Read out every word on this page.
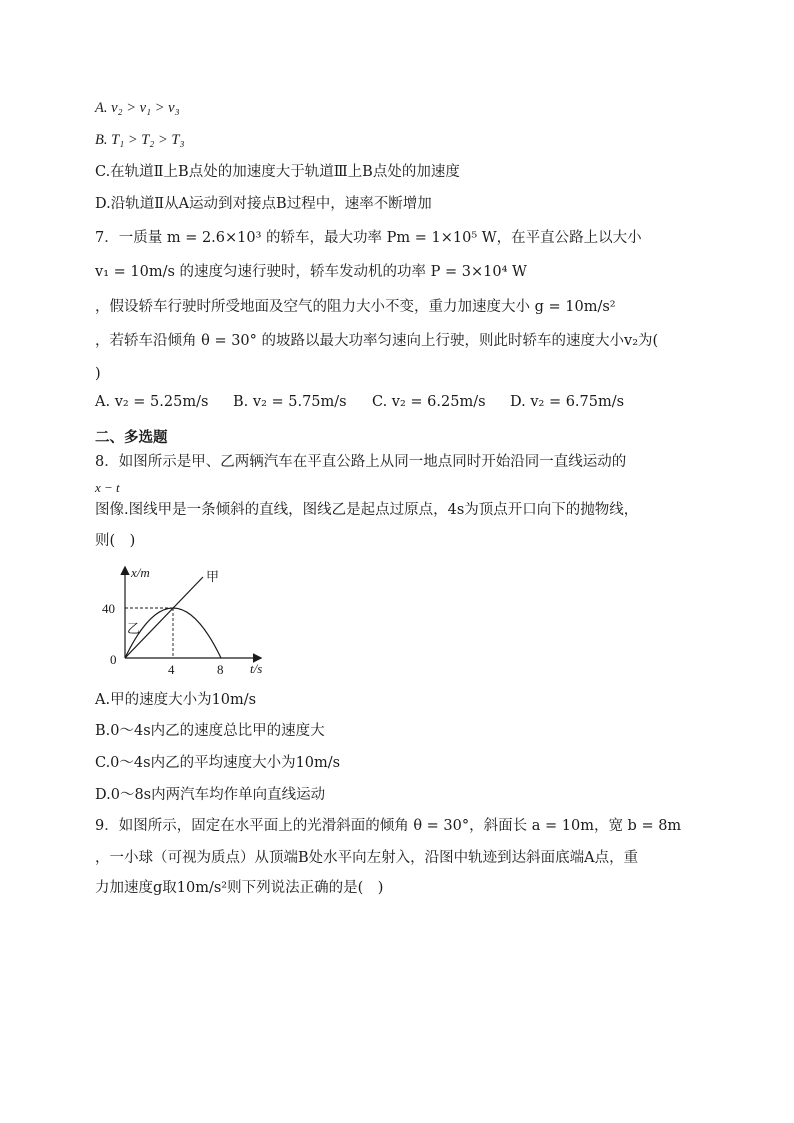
A. v₂ > v₁ > v₃
B. T₁ > T₂ > T₃
C.在轨道Ⅱ上B点处的加速度大于轨道Ⅲ上B点处的加速度
D.沿轨道Ⅱ从A运动到对接点B过程中，速率不断增加
7．一质量 m = 2.6×10³ 的轿车，最大功率 Pm = 1×10⁵ W，在平直公路上以大小
v₁ = 10m/s 的速度匀速行驶时，轿车发动机的功率 P = 3×10⁴ W
，假设轿车行驶时所受地面及空气的阻力大小不变，重力加速度大小 g = 10m/s²
，若轿车沿倾角 θ = 30° 的坡路以最大功率匀速向上行驶，则此时轿车的速度大小v₂为(
)
A. v₂ = 5.25m/s B. v₂ = 5.75m/s C. v₂ = 6.25m/s D. v₂ = 6.75m/s
二、多选题
8．如图所示是甲、乙两辆汽车在平直公路上从同一地点同时开始沿同一直线运动的
x − t
图像.图线甲是一条倾斜的直线，图线乙是起点过原点，4s为顶点开口向下的抛物线，
则(　)
乙
x/m
t/s
甲
0
40
4	8
A.甲的速度大小为10m/s
B.0～4s内乙的速度总比甲的速度大
C.0～4s内乙的平均速度大小为10m/s
D.0～8s内两汽车均作单向直线运动
9．如图所示，固定在水平面上的光滑斜面的倾角 θ = 30°，斜面长 a = 10m，宽 b = 8m
，一小球（可视为质点）从顶端B处水平向左射入，沿图中轨迹到达斜面底端A点，重
力加速度g取10m/s²则下列说法正确的是(　)
